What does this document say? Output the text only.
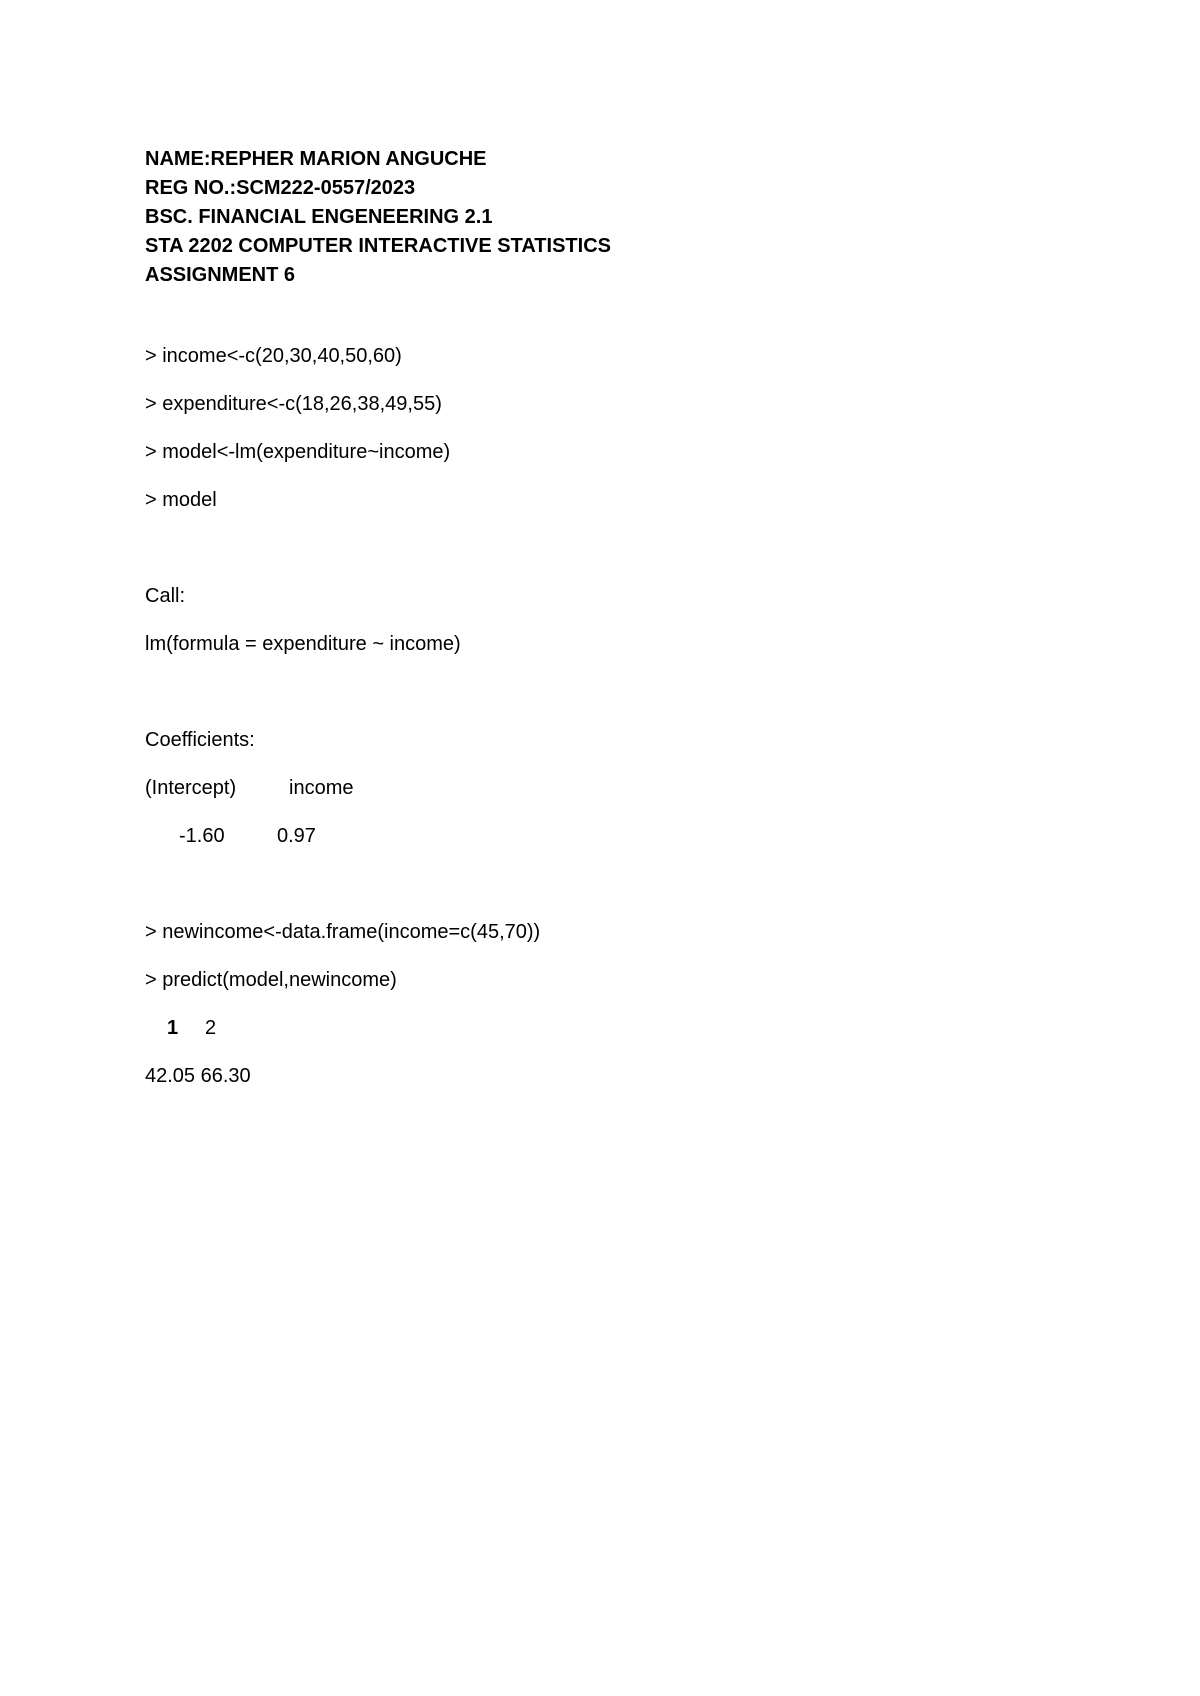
NAME:REPHER MARION ANGUCHE
REG NO.:SCM222-0557/2023
BSC. FINANCIAL ENGENEERING 2.1
STA 2202 COMPUTER INTERACTIVE STATISTICS
ASSIGNMENT 6
> income<-c(20,30,40,50,60)
> expenditure<-c(18,26,38,49,55)
> model<-lm(expenditure~income)
> model
Call:
lm(formula = expenditure ~ income)
Coefficients:
(Intercept)	income
-1.60	0.97
> newincome<-data.frame(income=c(45,70))
> predict(model,newincome)
1 2
42.05 66.30
